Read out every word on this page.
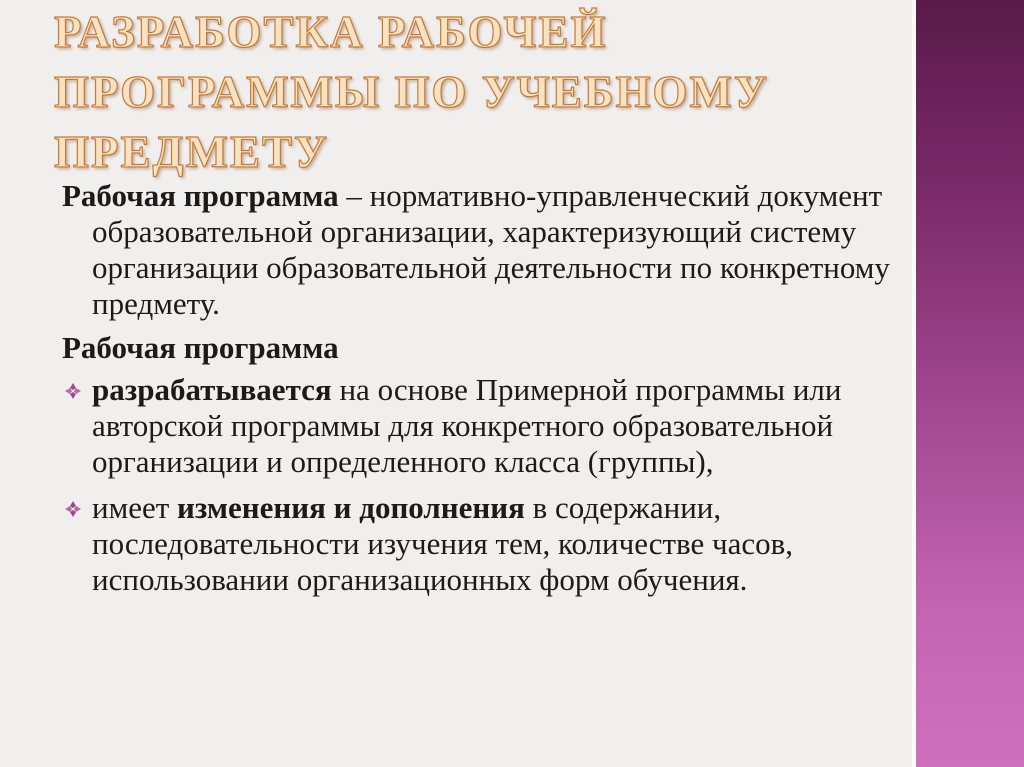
РАЗРАБОТКА РАБОЧЕЙ ПРОГРАММЫ ПО УЧЕБНОМУ ПРЕДМЕТУ

Рабочая программа – нормативно-управленческий документ образовательной организации, характеризующий систему организации образовательной деятельности по конкретному предмету.

Рабочая программа

разрабатывается на основе Примерной программы или авторской программы для конкретного образовательной организации и определенного класса (группы),
имеет изменения и дополнения в содержании, последовательности изучения тем, количестве часов, использовании организационных форм обучения.
